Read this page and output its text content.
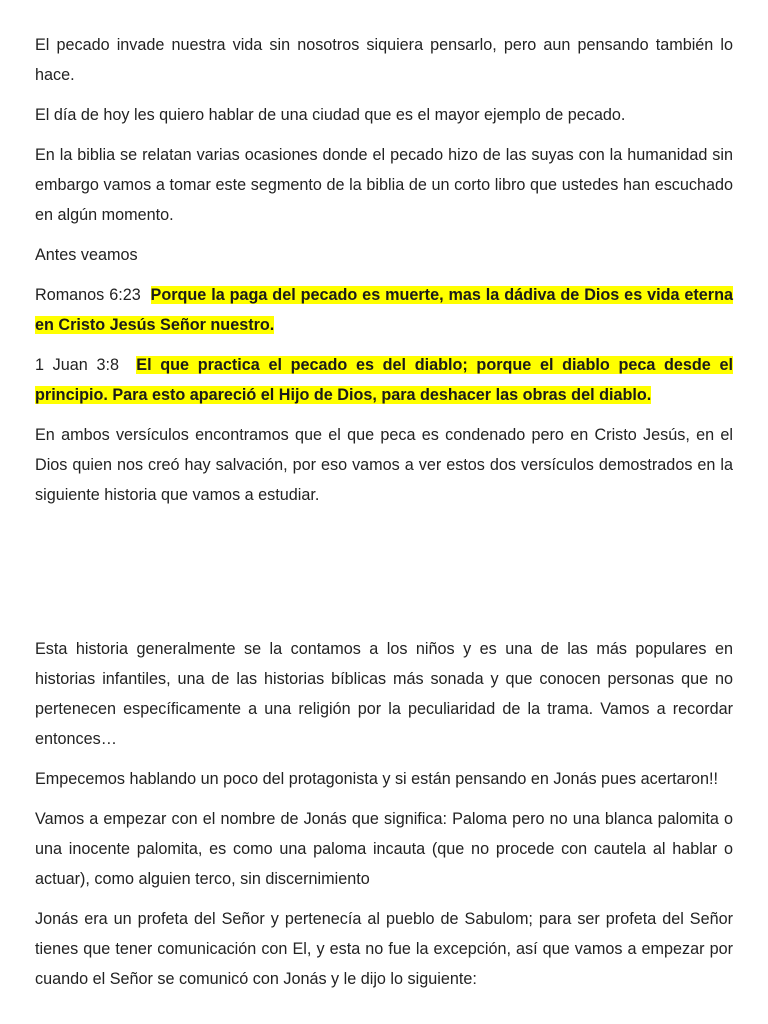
El pecado invade nuestra vida sin nosotros siquiera pensarlo, pero aun pensando también lo hace.

El día de hoy les quiero hablar de una ciudad que es el mayor ejemplo de pecado.

En la biblia se relatan varias ocasiones donde el pecado hizo de las suyas con la humanidad sin embargo vamos a tomar este segmento de la biblia de un corto libro que ustedes han escuchado en algún momento.

Antes veamos

Romanos 6:23 Porque la paga del pecado es muerte, mas la dádiva de Dios es vida eterna en Cristo Jesús Señor nuestro.

1 Juan 3:8 El que practica el pecado es del diablo; porque el diablo peca desde el principio. Para esto apareció el Hijo de Dios, para deshacer las obras del diablo.

En ambos versículos encontramos que el que peca es condenado pero en Cristo Jesús, en el Dios quien nos creó hay salvación, por eso vamos a ver estos dos versículos demostrados en la siguiente historia que vamos a estudiar.

Esta historia generalmente se la contamos a los niños y es una de las más populares en historias infantiles, una de las historias bíblicas más sonada y que conocen personas que no pertenecen específicamente a una religión por la peculiaridad de la trama. Vamos a recordar entonces…

Empecemos hablando un poco del protagonista y si están pensando en Jonás pues acertaron!!

Vamos a empezar con el nombre de Jonás que significa: Paloma pero no una blanca palomita o una inocente palomita, es como una paloma incauta (que no procede con cautela al hablar o actuar), como alguien terco, sin discernimiento

Jonás era un profeta del Señor y pertenecía al pueblo de Sabulom; para ser profeta del Señor tienes que tener comunicación con El, y esta no fue la excepción, así que vamos a empezar por cuando el Señor se comunicó con Jonás y le dijo lo siguiente:
